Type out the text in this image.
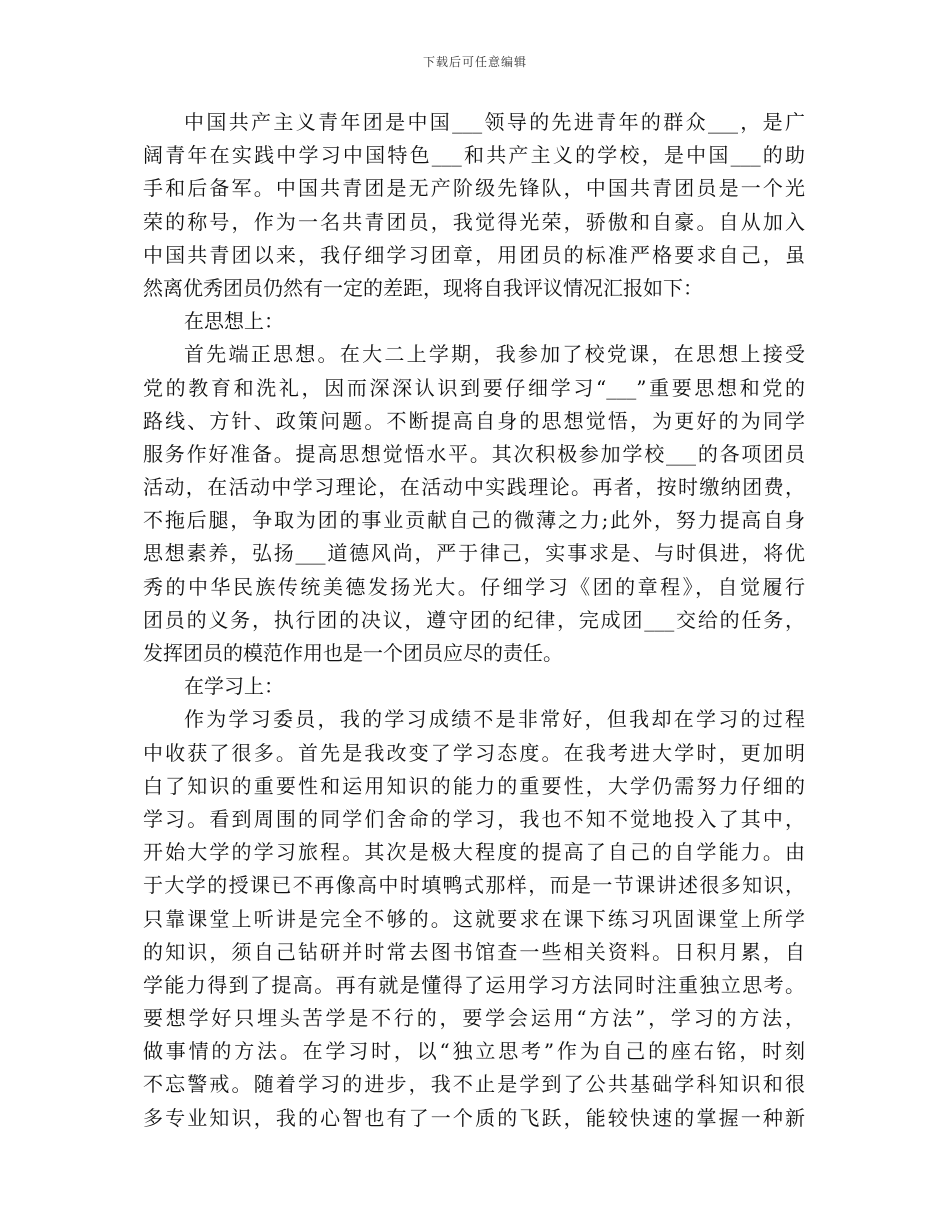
下载后可任意编辑
中国共产主义青年团是中国___领导的先进青年的群众___，是广
阔青年在实践中学习中国特色___和共产主义的学校，是中国___的助
手和后备军。中国共青团是无产阶级先锋队，中国共青团员是一个光
荣的称号，作为一名共青团员，我觉得光荣，骄傲和自豪。自从加入
中国共青团以来，我仔细学习团章，用团员的标准严格要求自己，虽
然离优秀团员仍然有一定的差距，现将自我评议情况汇报如下：
在思想上：
首先端正思想。在大二上学期，我参加了校党课，在思想上接受
党的教育和洗礼，因而深深认识到要仔细学习“___”重要思想和党的
路线、方针、政策问题。不断提高自身的思想觉悟，为更好的为同学
服务作好准备。提高思想觉悟水平。其次积极参加学校___的各项团员
活动，在活动中学习理论，在活动中实践理论。再者，按时缴纳团费，
不拖后腿，争取为团的事业贡献自己的微薄之力;此外，努力提高自身
思想素养，弘扬___道德风尚，严于律己，实事求是、与时俱进，将优
秀的中华民族传统美德发扬光大。仔细学习《团的章程》，自觉履行
团员的义务，执行团的决议，遵守团的纪律，完成团___交给的任务，
发挥团员的模范作用也是一个团员应尽的责任。
在学习上：
作为学习委员，我的学习成绩不是非常好，但我却在学习的过程
中收获了很多。首先是我改变了学习态度。在我考进大学时，更加明
白了知识的重要性和运用知识的能力的重要性，大学仍需努力仔细的
学习。看到周围的同学们舍命的学习，我也不知不觉地投入了其中，
开始大学的学习旅程。其次是极大程度的提高了自己的自学能力。由
于大学的授课已不再像高中时填鸭式那样，而是一节课讲述很多知识，
只靠课堂上听讲是完全不够的。这就要求在课下练习巩固课堂上所学
的知识，须自己钻研并时常去图书馆查一些相关资料。日积月累，自
学能力得到了提高。再有就是懂得了运用学习方法同时注重独立思考。
要想学好只埋头苦学是不行的，要学会运用“方法”，学习的方法，
做事情的方法。在学习时，以“独立思考”作为自己的座右铭，时刻
不忘警戒。随着学习的进步，我不止是学到了公共基础学科知识和很
多专业知识，我的心智也有了一个质的飞跃，能较快速的掌握一种新
